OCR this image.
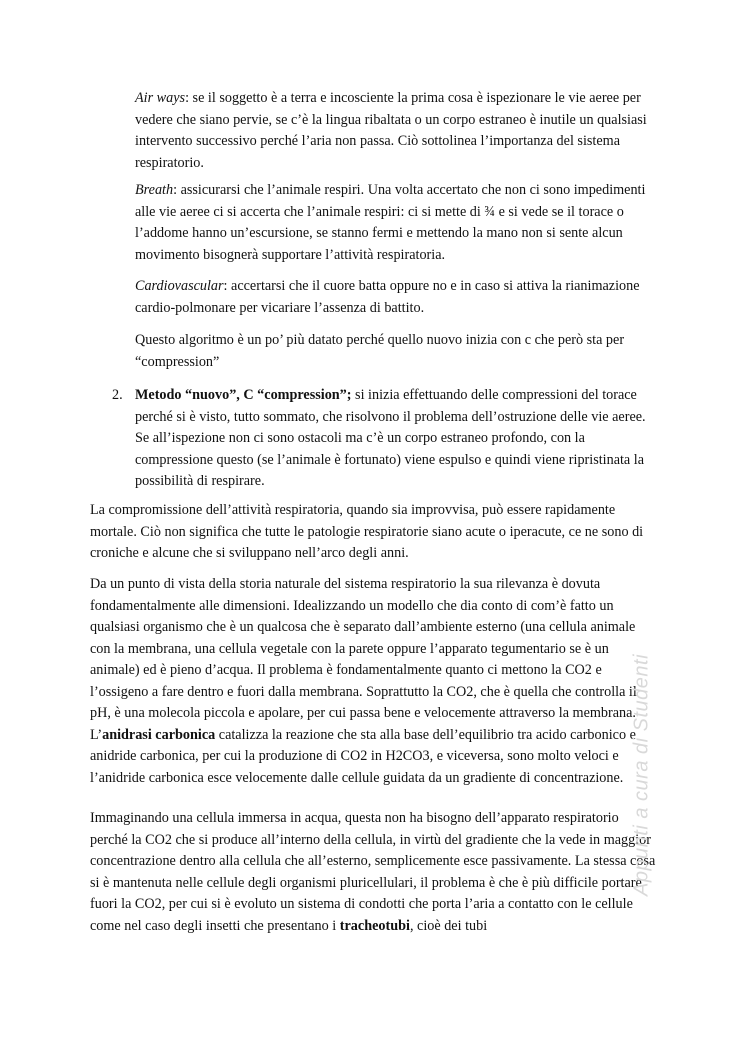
Air ways: se il soggetto è a terra e incosciente la prima cosa è ispezionare le vie aeree per vedere che siano pervie, se c’è la lingua ribaltata o un corpo estraneo è inutile un qualsiasi intervento successivo perché l’aria non passa. Ciò sottolinea l’importanza del sistema respiratorio.

Breath: assicurarsi che l’animale respiri. Una volta accertato che non ci sono impedimenti alle vie aeree ci si accerta che l’animale respiri: ci si mette di ¾ e si vede se il torace o l’addome hanno un’escursione, se stanno fermi e mettendo la mano non si sente alcun movimento bisognerà supportare l’attività respiratoria.

Cardiovascular: accertarsi che il cuore batta oppure no e in caso si attiva la rianimazione cardio-polmonare per vicariare l’assenza di battito.

Questo algoritmo è un po’ più datato perché quello nuovo inizia con c che però sta per “compression”

2. Metodo “nuovo”, C “compression”; si inizia effettuando delle compressioni del torace perché si è visto, tutto sommato, che risolvono il problema dell’ostruzione delle vie aeree. Se all’ispezione non ci sono ostacoli ma c’è un corpo estraneo profondo, con la compressione questo (se l’animale è fortunato) viene espulso e quindi viene ripristinata la possibilità di respirare.

La compromissione dell’attività respiratoria, quando sia improvvisa, può essere rapidamente mortale. Ciò non significa che tutte le patologie respiratorie siano acute o iperacute, ce ne sono di croniche e alcune che si sviluppano nell’arco degli anni.

Da un punto di vista della storia naturale del sistema respiratorio la sua rilevanza è dovuta fondamentalmente alle dimensioni. Idealizzando un modello che dia conto di com’è fatto un qualsiasi organismo che è un qualcosa che è separato dall’ambiente esterno (una cellula animale con la membrana, una cellula vegetale con la parete oppure l’apparato tegumentario se è un animale) ed è pieno d’acqua. Il problema è fondamentalmente quanto ci mettono la CO2 e l’ossigeno a fare dentro e fuori dalla membrana. Soprattutto la CO2, che è quella che controlla il pH, è una molecola piccola e apolare, per cui passa bene e velocemente attraverso la membrana. L’anidrasi carbonica catalizza la reazione che sta alla base dell’equilibrio tra acido carbonico e anidride carbonica, per cui la produzione di CO2 in H2CO3, e viceversa, sono molto veloci e l’anidride carbonica esce velocemente dalle cellule guidata da un gradiente di concentrazione.

Immaginando una cellula immersa in acqua, questa non ha bisogno dell’apparato respiratorio perché la CO2 che si produce all’interno della cellula, in virtù del gradiente che la vede in maggior concentrazione dentro alla cellula che all’esterno, semplicemente esce passivamente. La stessa cosa si è mantenuta nelle cellule degli organismi pluricellulari, il problema è che è più difficile portare fuori la CO2, per cui si è evoluto un sistema di condotti che porta l’aria a contatto con le cellule come nel caso degli insetti che presentano i tracheotubi, cioè dei tubi

Appunti a cura di Studenti
